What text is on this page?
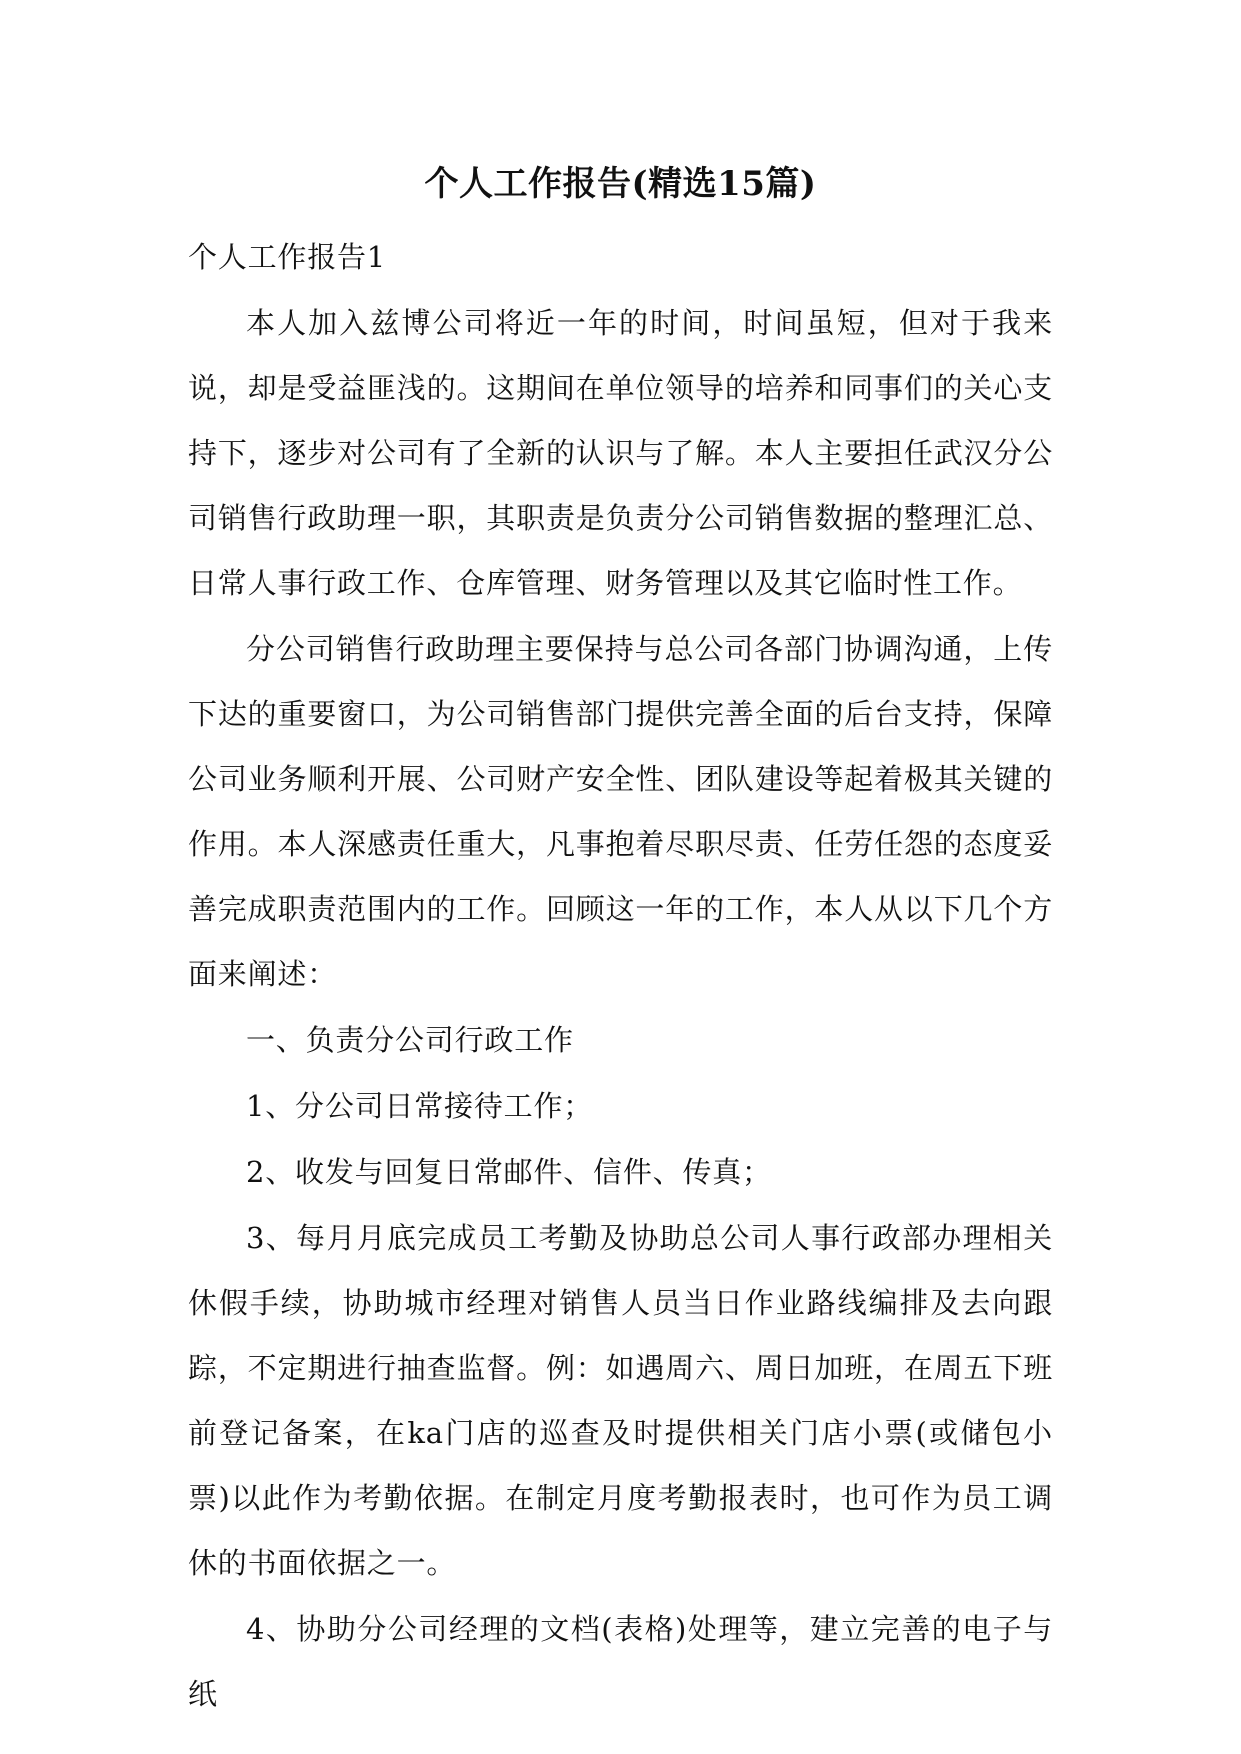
个人工作报告(精选15篇)
个人工作报告1

本人加入兹博公司将近一年的时间，时间虽短，但对于我来说，却是受益匪浅的。这期间在单位领导的培养和同事们的关心支持下，逐步对公司有了全新的认识与了解。本人主要担任武汉分公司销售行政助理一职，其职责是负责分公司销售数据的整理汇总、日常人事行政工作、仓库管理、财务管理以及其它临时性工作。

分公司销售行政助理主要保持与总公司各部门协调沟通，上传下达的重要窗口，为公司销售部门提供完善全面的后台支持，保障公司业务顺利开展、公司财产安全性、团队建设等起着极其关键的作用。本人深感责任重大，凡事抱着尽职尽责、任劳任怨的态度妥善完成职责范围内的工作。回顾这一年的工作，本人从以下几个方面来阐述：

一、负责分公司行政工作

1、分公司日常接待工作；

2、收发与回复日常邮件、信件、传真；

3、每月月底完成员工考勤及协助总公司人事行政部办理相关休假手续，协助城市经理对销售人员当日作业路线编排及去向跟踪，不定期进行抽查监督。例：如遇周六、周日加班，在周五下班前登记备案，在ka门店的巡查及时提供相关门店小票(或储包小票)以此作为考勤依据。在制定月度考勤报表时，也可作为员工调休的书面依据之一。

4、协助分公司经理的文档(表格)处理等，建立完善的电子与纸
